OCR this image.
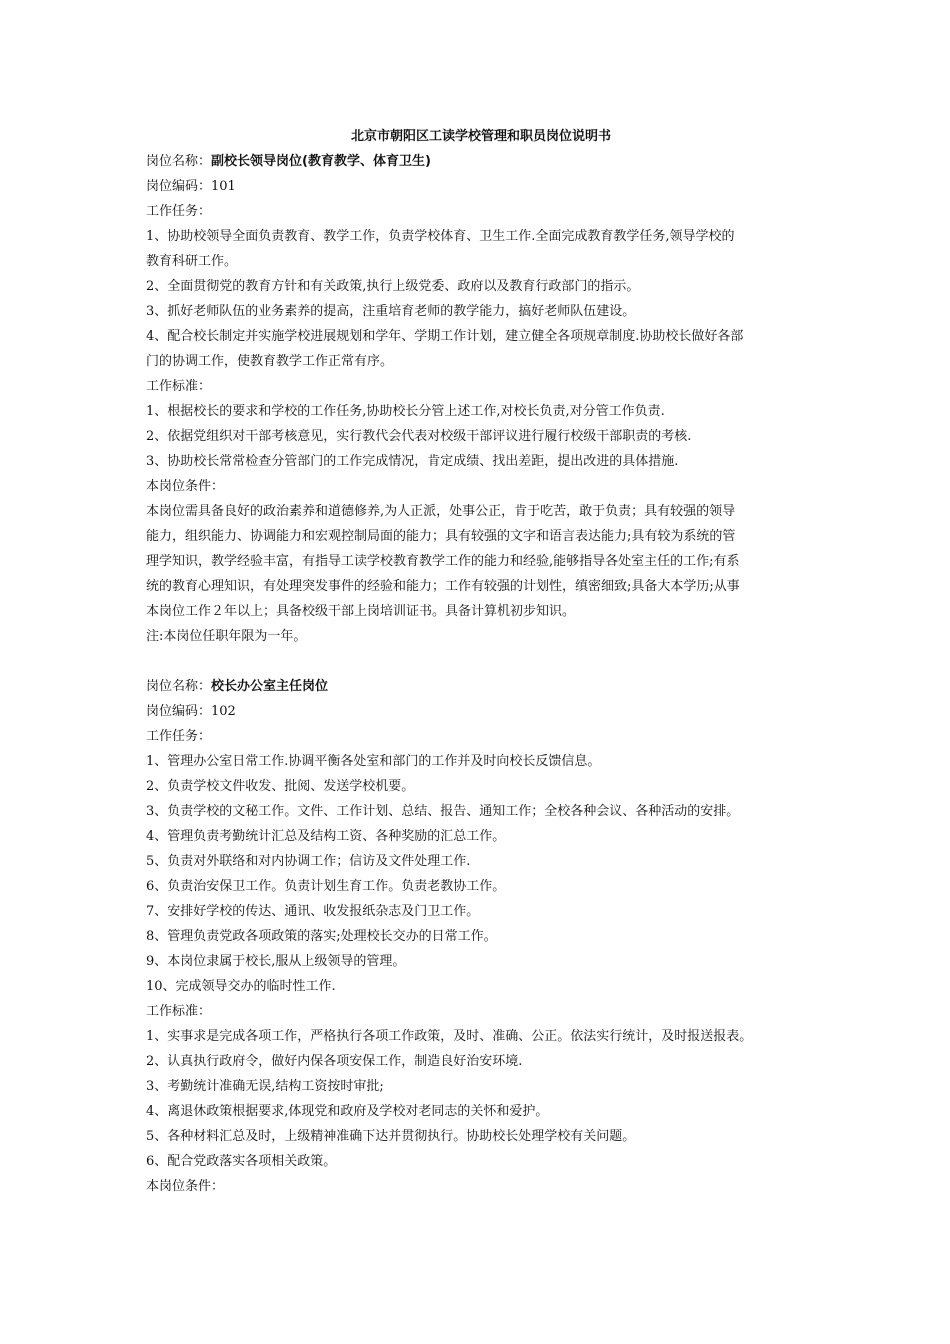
北京市朝阳区工读学校管理和职员岗位说明书
岗位名称：副校长领导岗位(教育教学、体育卫生)
岗位编码：101
工作任务：
1、协助校领导全面负责教育、教学工作，负责学校体育、卫生工作.全面完成教育教学任务,领导学校的
教育科研工作。
2、全面贯彻党的教育方针和有关政策,执行上级党委、政府以及教育行政部门的指示。
3、抓好老师队伍的业务素养的提高，注重培育老师的教学能力，搞好老师队伍建设。
4、配合校长制定并实施学校进展规划和学年、学期工作计划，建立健全各项规章制度.协助校长做好各部
门的协调工作，使教育教学工作正常有序。
工作标准：
1、根据校长的要求和学校的工作任务,协助校长分管上述工作,对校长负责,对分管工作负责.
2、依据党组织对干部考核意见，实行教代会代表对校级干部评议进行履行校级干部职责的考核.
3、协助校长常常检查分管部门的工作完成情况，肯定成绩、找出差距，提出改进的具体措施.
本岗位条件：
本岗位需具备良好的政治素养和道德修养,为人正派，处事公正，肯于吃苦，敢于负责；具有较强的领导
能力，组织能力、协调能力和宏观控制局面的能力；具有较强的文字和语言表达能力;具有较为系统的管
理学知识，教学经验丰富，有指导工读学校教育教学工作的能力和经验,能够指导各处室主任的工作;有系
统的教育心理知识，有处理突发事件的经验和能力；工作有较强的计划性，缜密细致;具备大本学历;从事
本岗位工作２年以上；具备校级干部上岗培训证书。具备计算机初步知识。
注:本岗位任职年限为一年。
岗位名称：校长办公室主任岗位
岗位编码：102
工作任务：
1、管理办公室日常工作.协调平衡各处室和部门的工作并及时向校长反馈信息。
2、负责学校文件收发、批阅、发送学校机要。
3、负责学校的文秘工作。文件、工作计划、总结、报告、通知工作；全校各种会议、各种活动的安排。
4、管理负责考勤统计汇总及结构工资、各种奖励的汇总工作。
5、负责对外联络和对内协调工作；信访及文件处理工作.
6、负责治安保卫工作。负责计划生育工作。负责老教协工作。
7、安排好学校的传达、通讯、收发报纸杂志及门卫工作。
8、管理负责党政各项政策的落实;处理校长交办的日常工作。
9、本岗位隶属于校长,服从上级领导的管理。
10、完成领导交办的临时性工作.
工作标准：
1、实事求是完成各项工作，严格执行各项工作政策，及时、准确、公正。依法实行统计，及时报送报表。
2、认真执行政府令，做好内保各项安保工作，制造良好治安环境.
3、考勤统计准确无误,结构工资按时审批;
4、离退休政策根据要求,体现党和政府及学校对老同志的关怀和爱护。
5、各种材料汇总及时，上级精神准确下达并贯彻执行。协助校长处理学校有关问题。
6、配合党政落实各项相关政策。
本岗位条件：
